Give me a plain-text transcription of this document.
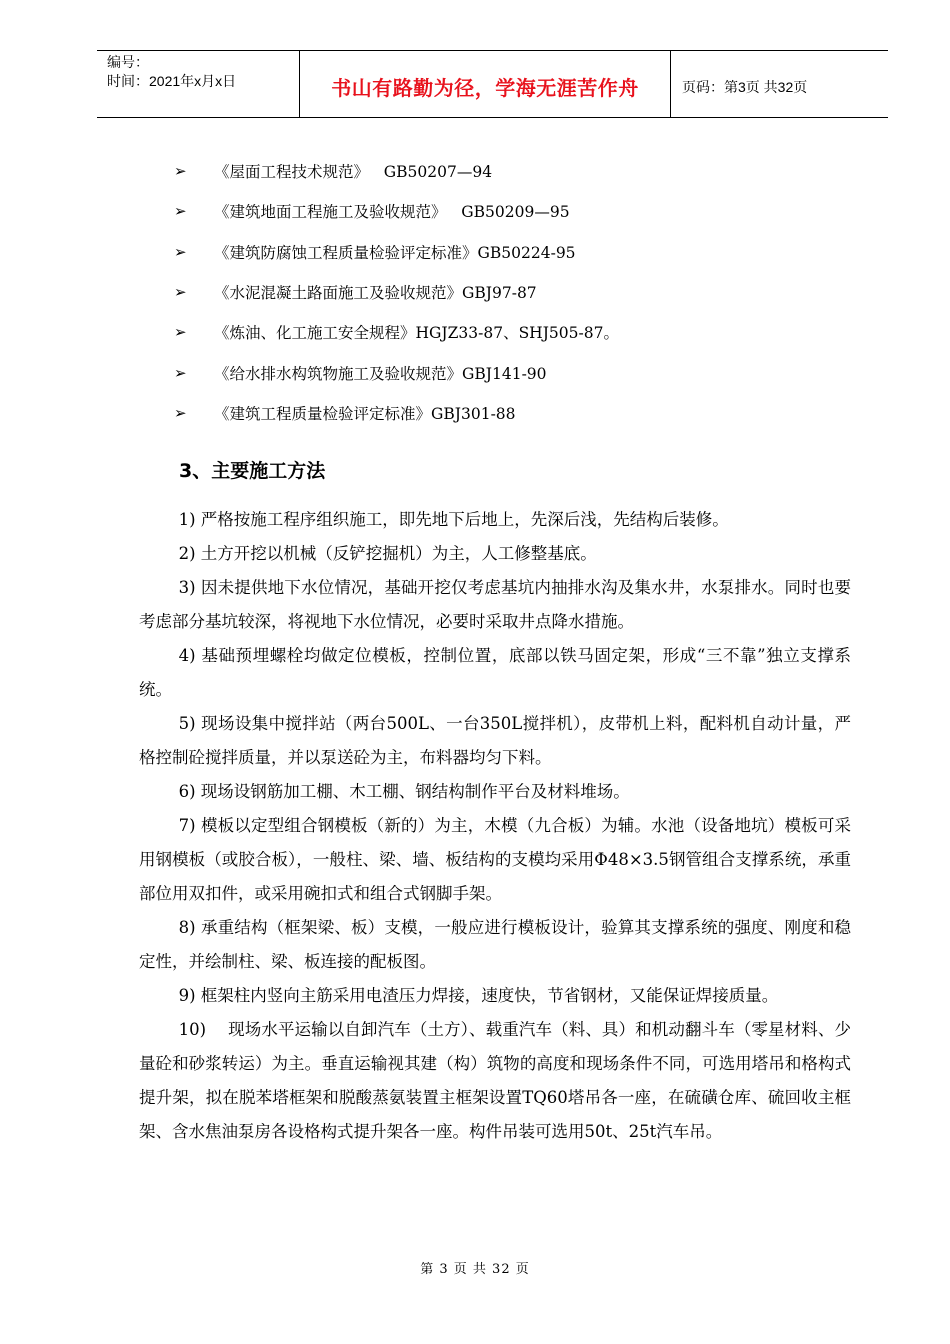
编号：
时间：2021年x月x日	书山有路勤为径，学海无涯苦作舟	页码：第3页 共32页
➢	《屋面工程技术规范》   GB50207—94
➢	《建筑地面工程施工及验收规范》   GB50209—95
➢	《建筑防腐蚀工程质量检验评定标准》GB50224-95
➢	《水泥混凝土路面施工及验收规范》GBJ97-87
➢	《炼油、化工施工安全规程》HGJZ33-87、SHJ505-87。
➢	《给水排水构筑物施工及验收规范》GBJ141-90
➢	《建筑工程质量检验评定标准》GBJ301-88
3、主要施工方法

1) 严格按施工程序组织施工，即先地下后地上，先深后浅，先结构后装修。

2) 土方开挖以机械（反铲挖掘机）为主，人工修整基底。

3) 因未提供地下水位情况，基础开挖仅考虑基坑内抽排水沟及集水井，水泵排水。同时也要考虑部分基坑较深，将视地下水位情况，必要时采取井点降水措施。

4) 基础预埋螺栓均做定位模板，控制位置，底部以铁马固定架，形成“三不靠”独立支撑系统。

5) 现场设集中搅拌站（两台500L、一台350L搅拌机），皮带机上料，配料机自动计量，严格控制砼搅拌质量，并以泵送砼为主，布料器均匀下料。

6) 现场设钢筋加工棚、木工棚、钢结构制作平台及材料堆场。

7) 模板以定型组合钢模板（新的）为主，木模（九合板）为辅。水池（设备地坑）模板可采用钢模板（或胶合板），一般柱、梁、墙、板结构的支模均采用Φ48×3.5钢管组合支撑系统，承重部位用双扣件，或采用碗扣式和组合式钢脚手架。

8) 承重结构（框架梁、板）支模，一般应进行模板设计，验算其支撑系统的强度、刚度和稳定性，并绘制柱、梁、板连接的配板图。

9) 框架柱内竖向主筋采用电渣压力焊接，速度快，节省钢材，又能保证焊接质量。

10)　 现场水平运输以自卸汽车（土方）、载重汽车（料、具）和机动翻斗车（零星材料、少量砼和砂浆转运）为主。垂直运输视其建（构）筑物的高度和现场条件不同，可选用塔吊和格构式提升架，拟在脱苯塔框架和脱酸蒸氨装置主框架设置TQ60塔吊各一座，在硫磺仓库、硫回收主框架、含水焦油泵房各设格构式提升架各一座。构件吊装可选用50t、25t汽车吊。

第 3 页 共 32 页
